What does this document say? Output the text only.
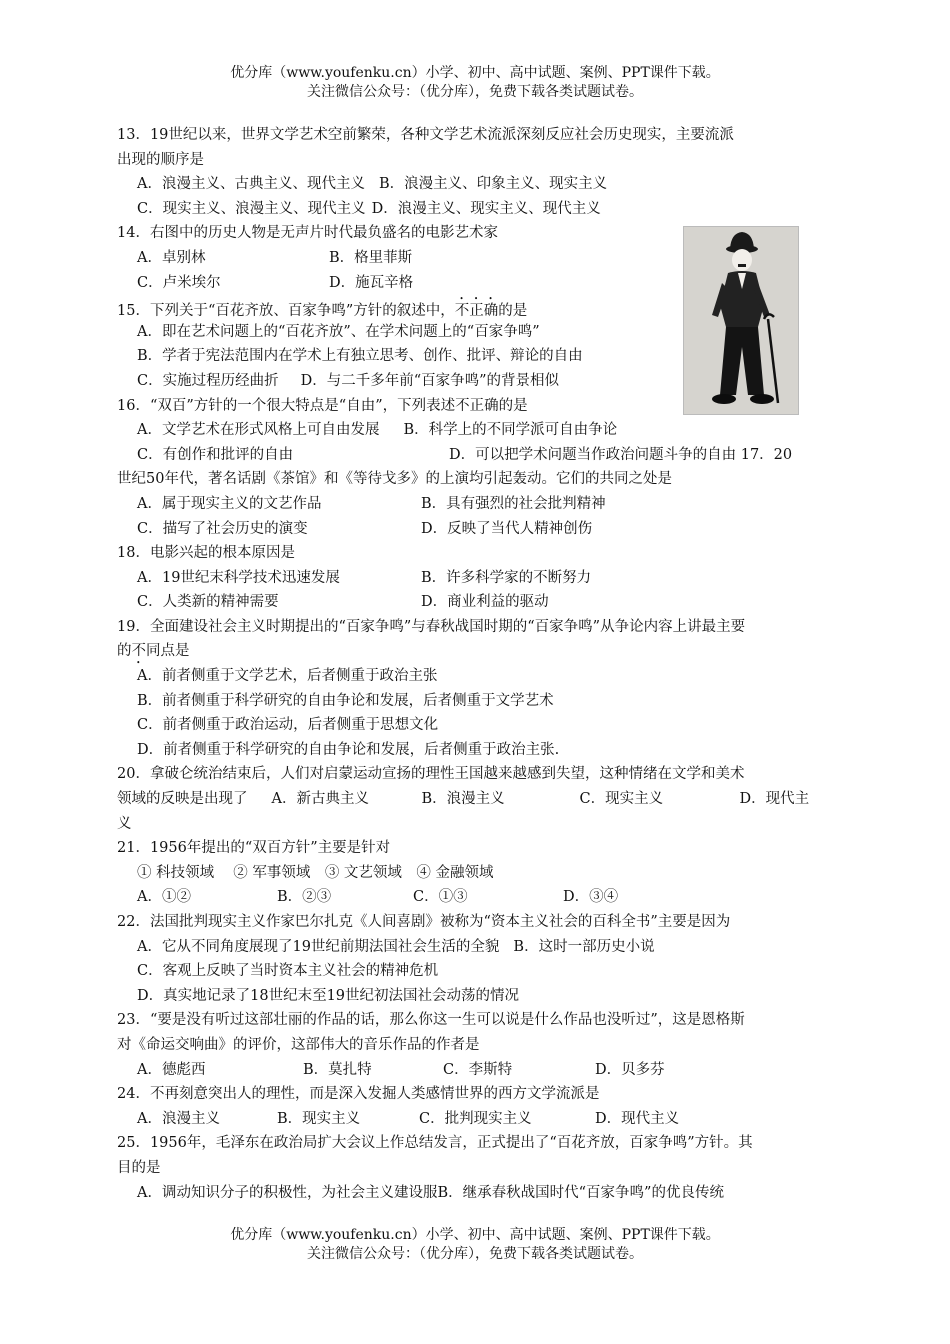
优分库（www.youfenku.cn）小学、初中、高中试题、案例、PPT课件下载。
关注微信公众号：（优分库），免费下载各类试题试卷。
13．19世纪以来，世界文学艺术空前繁荣，各种文学艺术流派深刻反应社会历史现实，主要流派
出现的顺序是
A．浪漫主义、古典主义、现代主义 B．浪漫主义、印象主义、现实主义
C．现实主义、浪漫主义、现代主义 D．浪漫主义、现实主义、现代主义
14．右图中的历史人物是无声片时代最负盛名的电影艺术家
A．卓别林	B．格里菲斯
C．卢米埃尔	D．施瓦辛格
15．下列关于“百花齐放、百家争鸣”方针的叙述中，不正确的是
A．即在艺术问题上的“百花齐放”、在学术问题上的“百家争鸣”
B．学者于宪法范围内在学术上有独立思考、创作、批评、辩论的自由
C．实施过程历经曲折 D．与二千多年前“百家争鸣”的背景相似
16．“双百”方针的一个很大特点是“自由”，下列表述不正确的是
A．文学艺术在形式风格上可自由发展 B．科学上的不同学派可自由争论
C．有创作和批评的自由	D．可以把学术问题当作政治问题斗争的自由 17．20
世纪50年代，著名话剧《茶馆》和《等待戈多》的上演均引起轰动。它们的共同之处是
A．属于现实主义的文艺作品	B．具有强烈的社会批判精神
C．描写了社会历史的演变	D．反映了当代人精神创伤
18．电影兴起的根本原因是
A．19世纪末科学技术迅速发展	B．许多科学家的不断努力
C．人类新的精神需要	D．商业利益的驱动
19．全面建设社会主义时期提出的“百家争鸣”与春秋战国时期的“百家争鸣”从争论内容上讲最主要
的不同点是
A．前者侧重于文学艺术，后者侧重于政治主张
B．前者侧重于科学研究的自由争论和发展，后者侧重于文学艺术
C．前者侧重于政治运动，后者侧重于思想文化
D．前者侧重于科学研究的自由争论和发展，后者侧重于政治主张.
20．拿破仑统治结束后，人们对启蒙运动宣扬的理性王国越来越感到失望，这种情绪在文学和美术
领域的反映是出现了 A．新古典主义	B．浪漫主义	C．现实主义	D．现代主
义
21．1956年提出的“双百方针”主要是针对
① 科技领域　 ② 军事领域　③ 文艺领域　④ 金融领域
A．①②	B．②③	C．①③	D．③④
22．法国批判现实主义作家巴尔扎克《人间喜剧》被称为“资本主义社会的百科全书”主要是因为
A．它从不同角度展现了19世纪前期法国社会生活的全貌 B．这时一部历史小说
C．客观上反映了当时资本主义社会的精神危机
D．真实地记录了18世纪末至19世纪初法国社会动荡的情况
23．“要是没有听过这部壮丽的作品的话，那么你这一生可以说是什么作品也没听过”，这是恩格斯
对《命运交响曲》的评价，这部伟大的音乐作品的作者是
A．德彪西	B．莫扎特	C．李斯特	D．贝多芬
24．不再刻意突出人的理性，而是深入发掘人类感情世界的西方文学流派是
A．浪漫主义	B．现实主义	C．批判现实主义	D．现代主义
25．1956年，毛泽东在政治局扩大会议上作总结发言，正式提出了“百花齐放，百家争鸣”方针。其
目的是
A．调动知识分子的积极性，为社会主义建设服B．继承春秋战国时代“百家争鸣”的优良传统
优分库（www.youfenku.cn）小学、初中、高中试题、案例、PPT课件下载。
关注微信公众号：（优分库），免费下载各类试题试卷。
